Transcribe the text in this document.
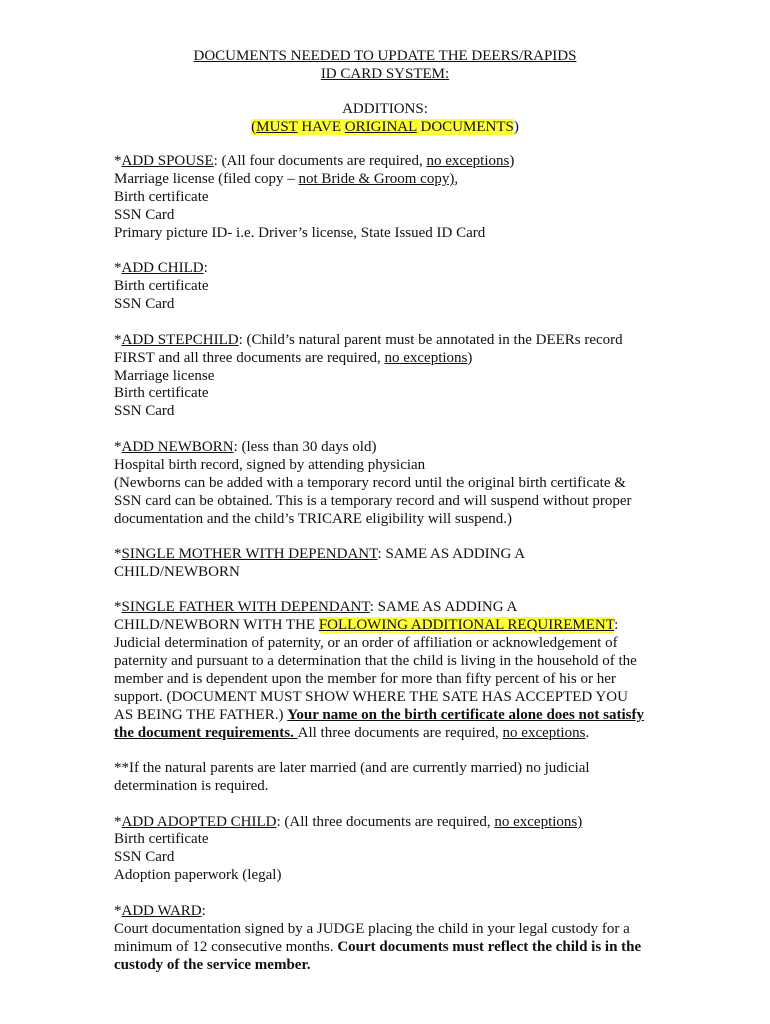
DOCUMENTS NEEDED TO UPDATE THE DEERS/RAPIDS
ID CARD SYSTEM:
ADDITIONS:
(MUST HAVE ORIGINAL DOCUMENTS)
*ADD SPOUSE: (All four documents are required, no exceptions)
Marriage license (filed copy – not Bride & Groom copy),
Birth certificate
SSN Card
Primary picture ID- i.e. Driver’s license, State Issued ID Card
*ADD CHILD:
Birth certificate
SSN Card
*ADD STEPCHILD: (Child’s natural parent must be annotated in the DEERs record
FIRST and all three documents are required, no exceptions)
Marriage license
Birth certificate
SSN Card
*ADD NEWBORN: (less than 30 days old)
Hospital birth record, signed by attending physician
(Newborns can be added with a temporary record until the original birth certificate &
SSN card can be obtained. This is a temporary record and will suspend without proper
documentation and the child’s TRICARE eligibility will suspend.)
*SINGLE MOTHER WITH DEPENDANT: SAME AS ADDING A
CHILD/NEWBORN
*SINGLE FATHER WITH DEPENDANT: SAME AS ADDING A
CHILD/NEWBORN WITH THE FOLLOWING ADDITIONAL REQUIREMENT:
Judicial determination of paternity, or an order of affiliation or acknowledgement of
paternity and pursuant to a determination that the child is living in the household of the
member and is dependent upon the member for more than fifty percent of his or her
support. (DOCUMENT MUST SHOW WHERE THE SATE HAS ACCEPTED YOU
AS BEING THE FATHER.) Your name on the birth certificate alone does not satisfy
the document requirements. All three documents are required, no exceptions.
**If the natural parents are later married (and are currently married) no judicial
determination is required.
*ADD ADOPTED CHILD: (All three documents are required, no exceptions)
Birth certificate
SSN Card
Adoption paperwork (legal)
*ADD WARD:
Court documentation signed by a JUDGE placing the child in your legal custody for a
minimum of 12 consecutive months. Court documents must reflect the child is in the
custody of the service member.
